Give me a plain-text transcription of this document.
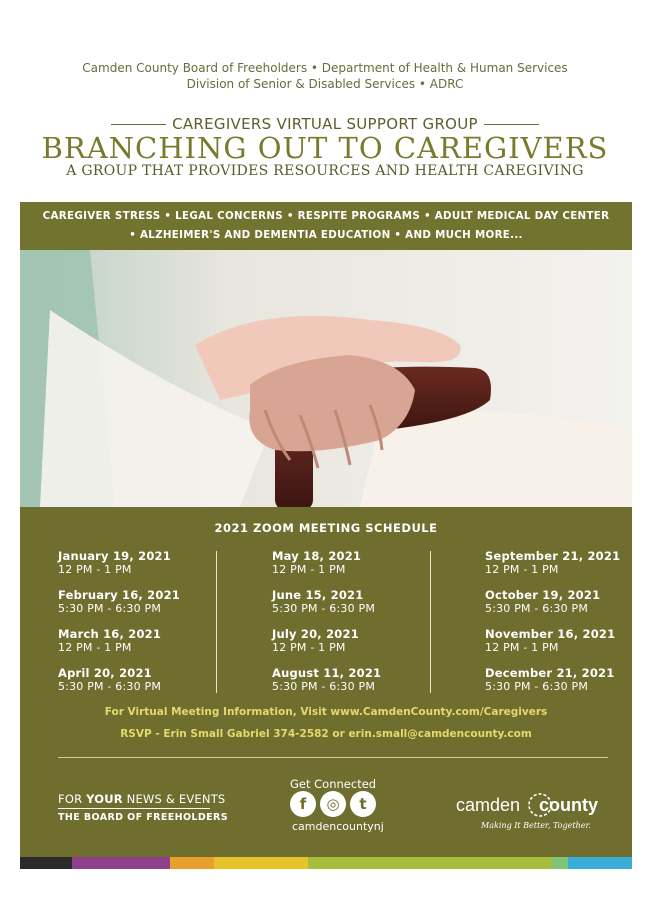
Camden County Board of Freeholders • Department of Health & Human Services
Division of Senior & Disabled Services • ADRC
CAREGIVERS VIRTUAL SUPPORT GROUP
BRANCHING OUT TO CAREGIVERS
A GROUP THAT PROVIDES RESOURCES AND HEALTH CAREGIVING
CAREGIVER STRESS • LEGAL CONCERNS • RESPITE PROGRAMS • ADULT MEDICAL DAY CENTER
• ALZHEIMER'S AND DEMENTIA EDUCATION • AND MUCH MORE...
2021 ZOOM MEETING SCHEDULE
January 19, 2021
12 PM - 1 PM
February 16, 2021
5:30 PM - 6:30 PM
March 16, 2021
12 PM - 1 PM
April 20, 2021
5:30 PM - 6:30 PM
May 18, 2021
12 PM - 1 PM
June 15, 2021
5:30 PM - 6:30 PM
July 20, 2021
12 PM - 1 PM
August 11, 2021
5:30 PM - 6:30 PM
September 21, 2021
12 PM - 1 PM
October 19, 2021
5:30 PM - 6:30 PM
November 16, 2021
12 PM - 1 PM
December 21, 2021
5:30 PM - 6:30 PM
For Virtual Meeting Information, Visit www.CamdenCounty.com/Caregivers
RSVP - Erin Small Gabriel 374-2582 or erin.small@camdencounty.com
FOR YOUR NEWS & EVENTS
THE BOARD OF FREEHOLDERS
Get Connected
f	◎	t
camdencountynj
camden county
Making It Better, Together.
